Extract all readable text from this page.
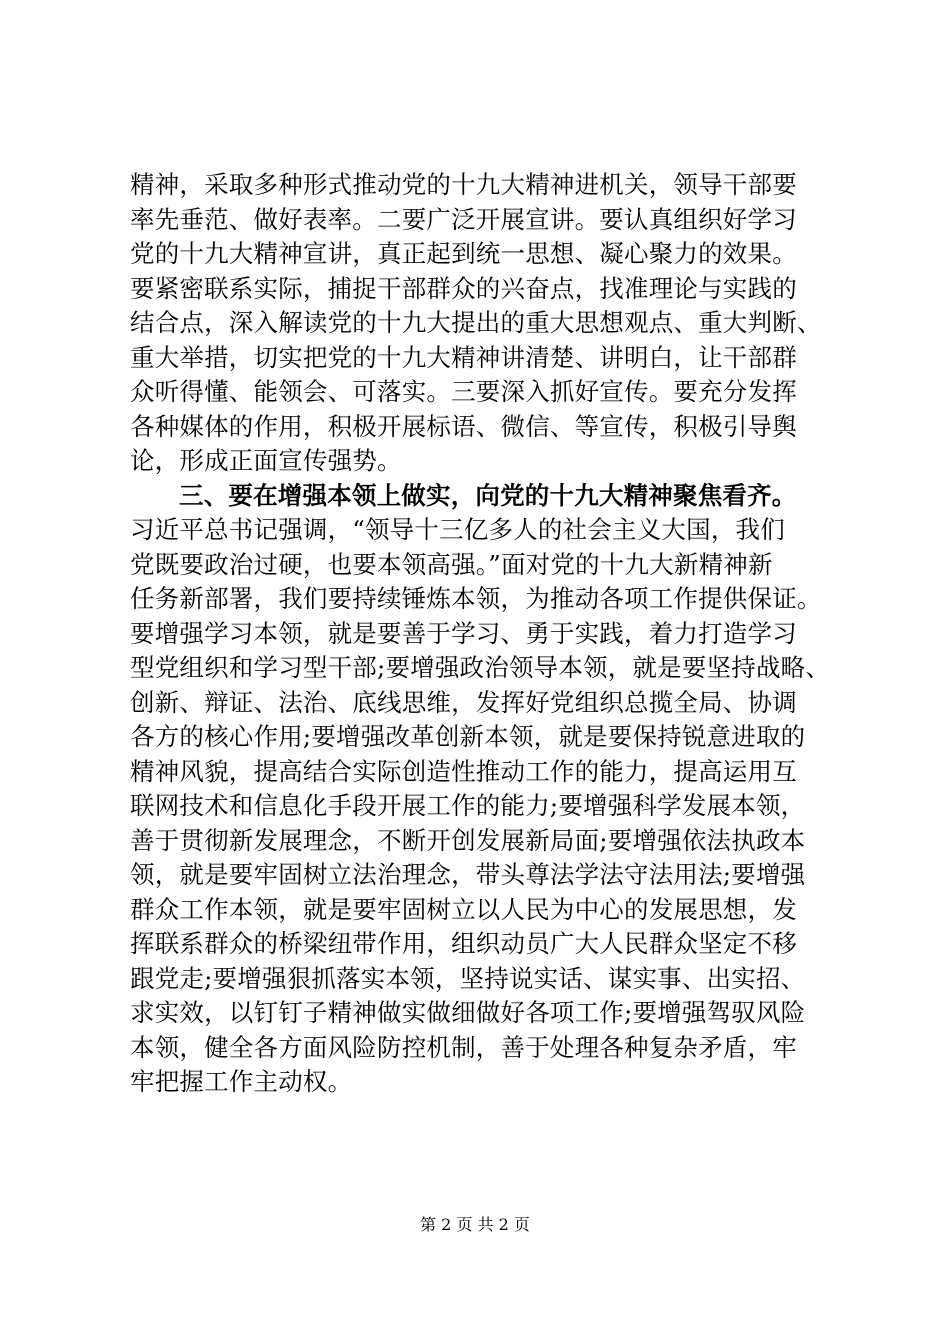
精神，采取多种形式推动党的十九大精神进机关，领导干部要
率先垂范、做好表率。二要广泛开展宣讲。要认真组织好学习
党的十九大精神宣讲，真正起到统一思想、凝心聚力的效果。
要紧密联系实际，捕捉干部群众的兴奋点，找准理论与实践的
结合点，深入解读党的十九大提出的重大思想观点、重大判断、
重大举措，切实把党的十九大精神讲清楚、讲明白，让干部群
众听得懂、能领会、可落实。三要深入抓好宣传。要充分发挥
各种媒体的作用，积极开展标语、微信、等宣传，积极引导舆
论，形成正面宣传强势。
三、要在增强本领上做实，向党的十九大精神聚焦看齐。
习近平总书记强调，“领导十三亿多人的社会主义大国，我们
党既要政治过硬，也要本领高强。”面对党的十九大新精神新
任务新部署，我们要持续锤炼本领，为推动各项工作提供保证。
要增强学习本领，就是要善于学习、勇于实践，着力打造学习
型党组织和学习型干部;要增强政治领导本领，就是要坚持战略、
创新、辩证、法治、底线思维，发挥好党组织总揽全局、协调
各方的核心作用;要增强改革创新本领，就是要保持锐意进取的
精神风貌，提高结合实际创造性推动工作的能力，提高运用互
联网技术和信息化手段开展工作的能力;要增强科学发展本领，
善于贯彻新发展理念，不断开创发展新局面;要增强依法执政本
领，就是要牢固树立法治理念，带头尊法学法守法用法;要增强
群众工作本领，就是要牢固树立以人民为中心的发展思想，发
挥联系群众的桥梁纽带作用，组织动员广大人民群众坚定不移
跟党走;要增强狠抓落实本领，坚持说实话、谋实事、出实招、
求实效，以钉钉子精神做实做细做好各项工作;要增强驾驭风险
本领，健全各方面风险防控机制，善于处理各种复杂矛盾，牢
牢把握工作主动权。
第 2 页 共 2 页
